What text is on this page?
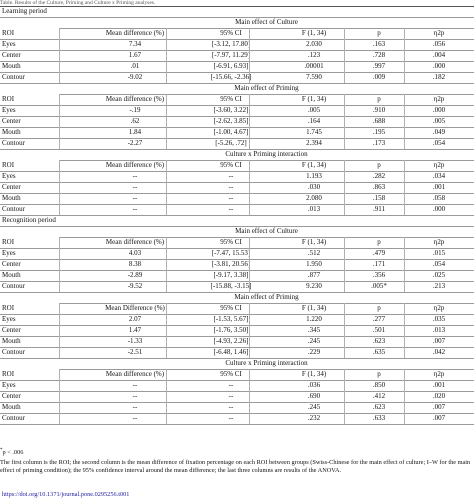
Table. Results of the Culture, Priming and Culture x Priming analyses.
Learning period
Main effect of Culture
ROI	Mean difference (%)	95% CI	F (1, 34)	p	η2p
Eyes	7.34	[-3.12, 17.80]	2.030	.163	.056
Center	1.67	[-7.97, 11.29]	.123	.728	.004
Mouth	.01	[-6.91, 6.93]	.00001	.997	.000
Contour	-9.02	[-15.66, -2.36]	7.590	.009	.182
Main effect of Priming
ROI	Mean difference (%)	95% CI	F (1, 34)	p	η2p
Eyes	-.19	[-3.60, 3.22]	.005	.910	.000
Center	.62	[-2.62, 3.85]	.164	.688	.005
Mouth	1.84	[-1.00, 4.67]	1.745	.195	.049
Contour	-2.27	[-5.26, .72]	2.394	.173	.054
Culture x Priming interaction
ROI	Mean difference (%)	95% CI	F (1, 34)	p	η2p
Eyes	--	--	1.193	.282	.034
Center	--	--	.030	.863	.001
Mouth	--	--	2.080	.158	.058
Contour	--	--	.013	.911	.000
Recognition period
Main effect of Culture
ROI	Mean difference (%)	95% CI	F (1, 34)	p	η2p
Eyes	4.03	[-7.47, 15.53]	.512	.479	.015
Center	8.38	[-3.81, 20.56]	1.950	.171	.054
Mouth	-2.89	[-9.17, 3.38]	.877	.356	.025
Contour	-9.52	[-15.88, -3.15]	9.230	.005*	.213
Main effect of Priming
ROI	Mean Difference (%)	95% CI	F (1, 34)	p	η2p
Eyes	2.07	[-1.53, 5.67]	1.220	.277	.035
Center	1.47	[-1.76, 3.50]	.345	.501	.013
Mouth	-1.33	[-4.93, 2.26]	.245	.623	.007
Contour	-2.51	[-6.48, 1.46]	.229	.635	.042
Culture x Priming interaction
ROI	Mean difference (%)	95% CI	F (1, 34)	p	η2p
Eyes	--	--	.036	.850	.001
Center	--	--	.690	.412	.020
Mouth	--	--	.245	.623	.007
Contour	--	--	.232	.633	.007
*p < .006
The first column is the ROI; the second column is the mean difference of fixation percentage on each ROI between groups (Swiss-Chinese for the main effect of culture; I–W for the main effect of priming condition); the 95% confidence interval around the mean difference; the last three columns are results of the ANOVA.
https://doi.org/10.1371/journal.pone.0295256.t001
